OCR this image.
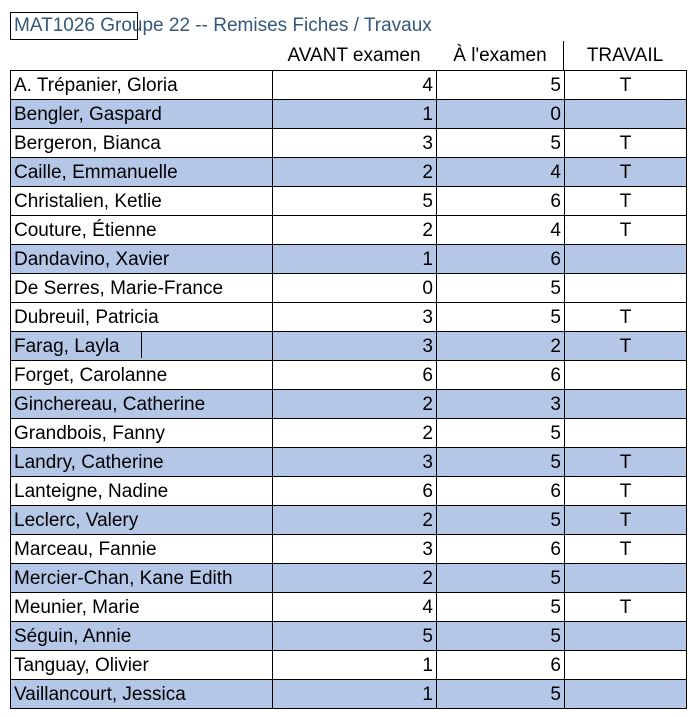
MAT1026 Groupe 22 -- Remises Fiches / Travaux
AVANT examen	À l'examen	TRAVAIL
A. Trépanier, Gloria	4	5	T
Bengler, Gaspard	1	0	
Bergeron, Bianca	3	5	T
Caille, Emmanuelle	2	4	T
Christalien, Ketlie	5	6	T
Couture, Étienne	2	4	T
Dandavino, Xavier	1	6	
De Serres, Marie-France	0	5	
Dubreuil, Patricia	3	5	T
Farag, Layla	3	2	T
Forget, Carolanne	6	6	
Ginchereau, Catherine	2	3	
Grandbois, Fanny	2	5	
Landry, Catherine	3	5	T
Lanteigne, Nadine	6	6	T
Leclerc, Valery	2	5	T
Marceau, Fannie	3	6	T
Mercier-Chan, Kane Edith	2	5	
Meunier, Marie	4	5	T
Séguin, Annie	5	5	
Tanguay, Olivier	1	6	
Vaillancourt, Jessica	1	5	
